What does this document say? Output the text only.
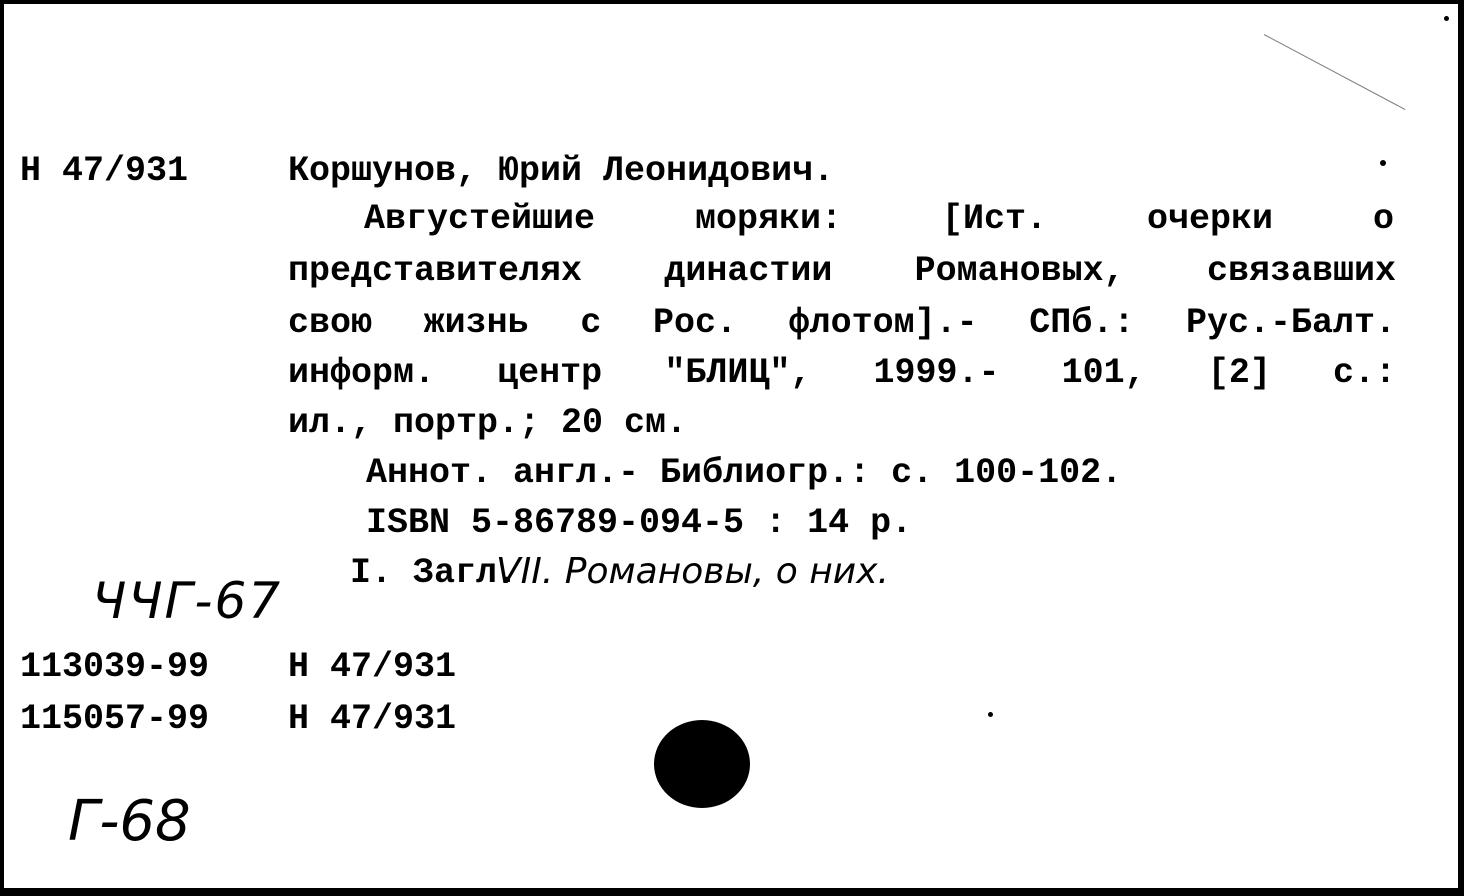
Н 47/931	Коршунов, Юрий Леонидович.
Августейшие моряки: [Ист. очерки о
представителях династии Романовых, связавших
свою жизнь с Рос. флотом].- СПб.: Рус.-Балт.
информ. центр "БЛИЦ", 1999.- 101, [2] с.:
ил., портр.; 20 см.
Аннот. англ.- Библиогр.: с. 100-102.
ISBN 5-86789-094-5 : 14 р.
I. Загл.
VII. Романовы, о них.
ЧЧГ-67
113039-99 Н 47/931
115057-99 Н 47/931
Г-68
